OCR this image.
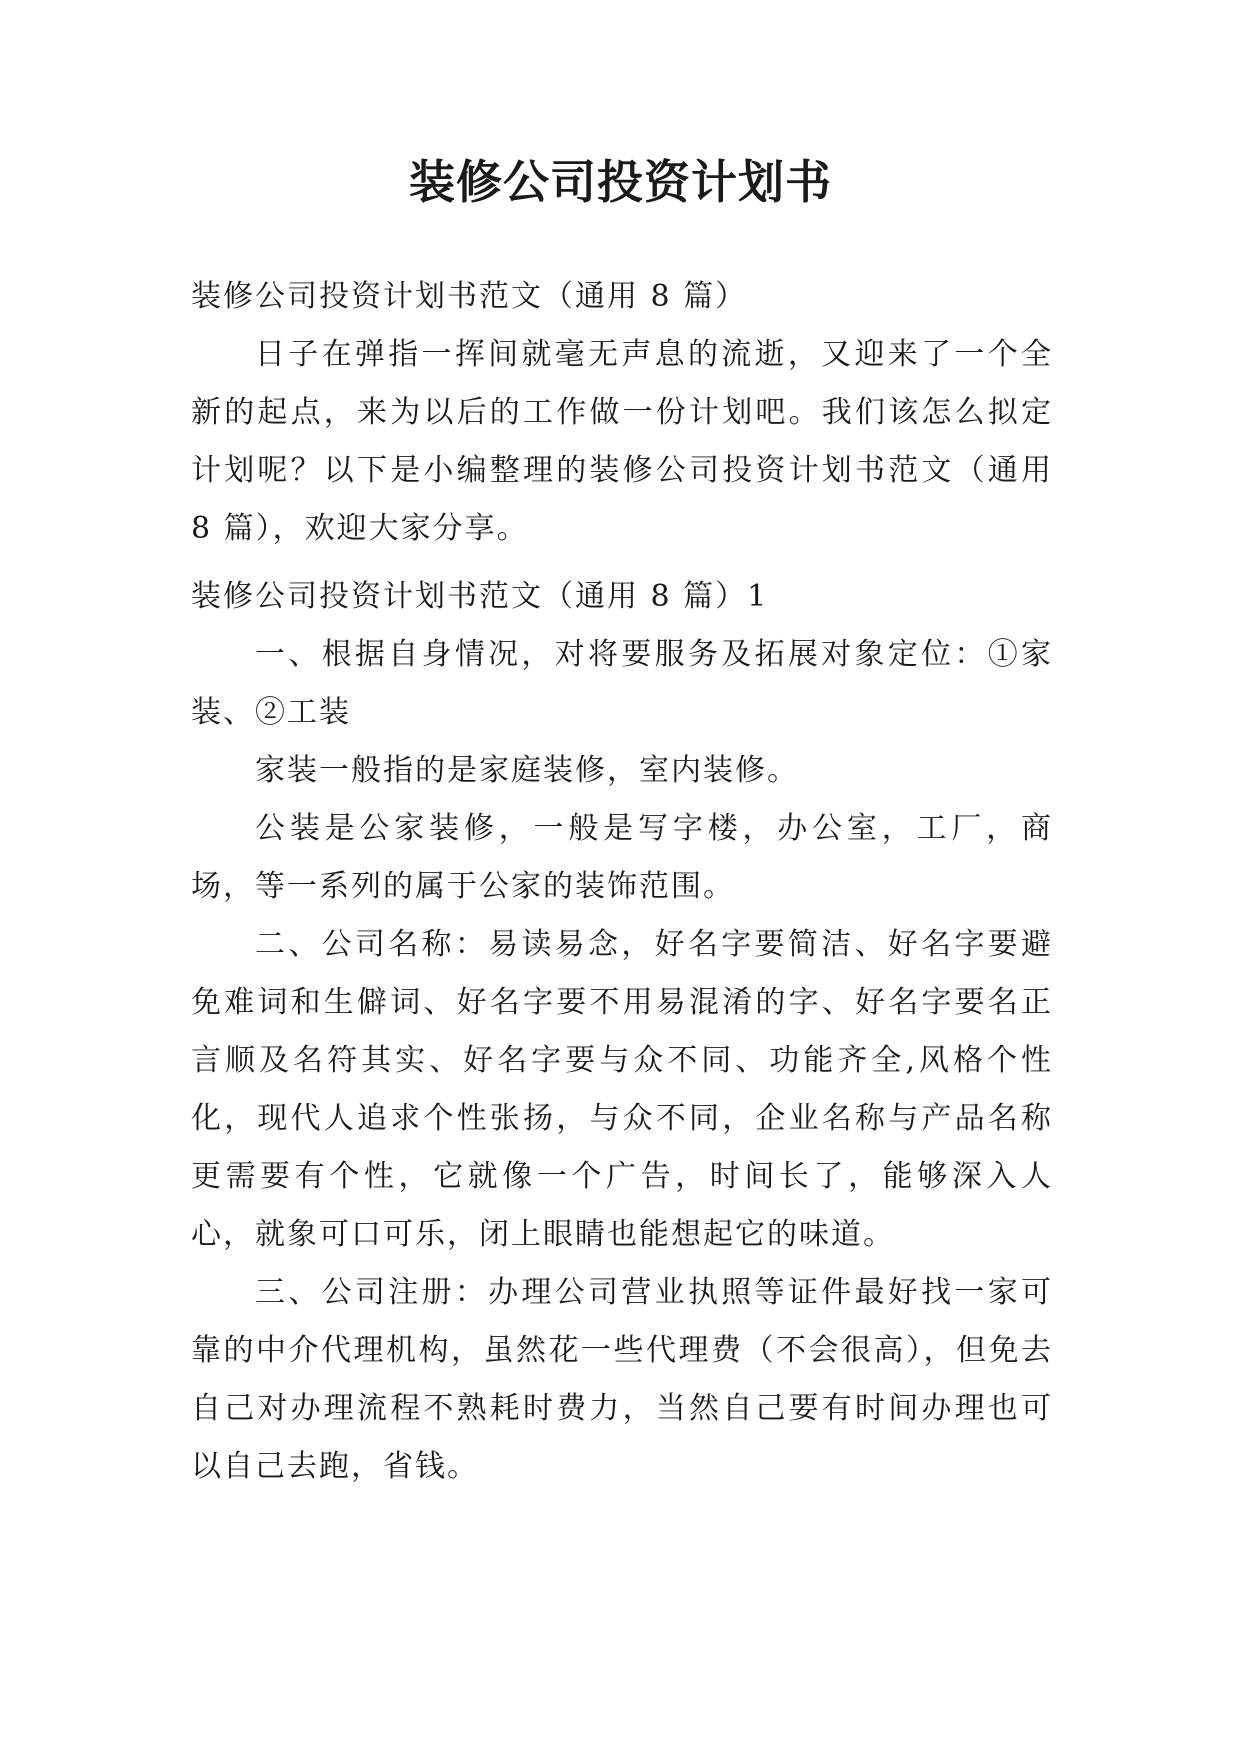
装修公司投资计划书

装修公司投资计划书范文（通用 8 篇）

日子在弹指一挥间就毫无声息的流逝，又迎来了一个全新的起点，来为以后的工作做一份计划吧。我们该怎么拟定计划呢？以下是小编整理的装修公司投资计划书范文（通用 8 篇），欢迎大家分享。

装修公司投资计划书范文（通用 8 篇）1

一、根据自身情况，对将要服务及拓展对象定位：①家装、②工装

家装一般指的是家庭装修，室内装修。

公装是公家装修，一般是写字楼，办公室，工厂，商场，等一系列的属于公家的装饰范围。

二、公司名称：易读易念，好名字要简洁、好名字要避免难词和生僻词、好名字要不用易混淆的字、好名字要名正言顺及名符其实、好名字要与众不同、功能齐全,风格个性化，现代人追求个性张扬，与众不同，企业名称与产品名称更需要有个性，它就像一个广告，时间长了，能够深入人心，就象可口可乐，闭上眼睛也能想起它的味道。

三、公司注册：办理公司营业执照等证件最好找一家可靠的中介代理机构，虽然花一些代理费（不会很高），但免去自己对办理流程不熟耗时费力，当然自己要有时间办理也可以自己去跑，省钱。
